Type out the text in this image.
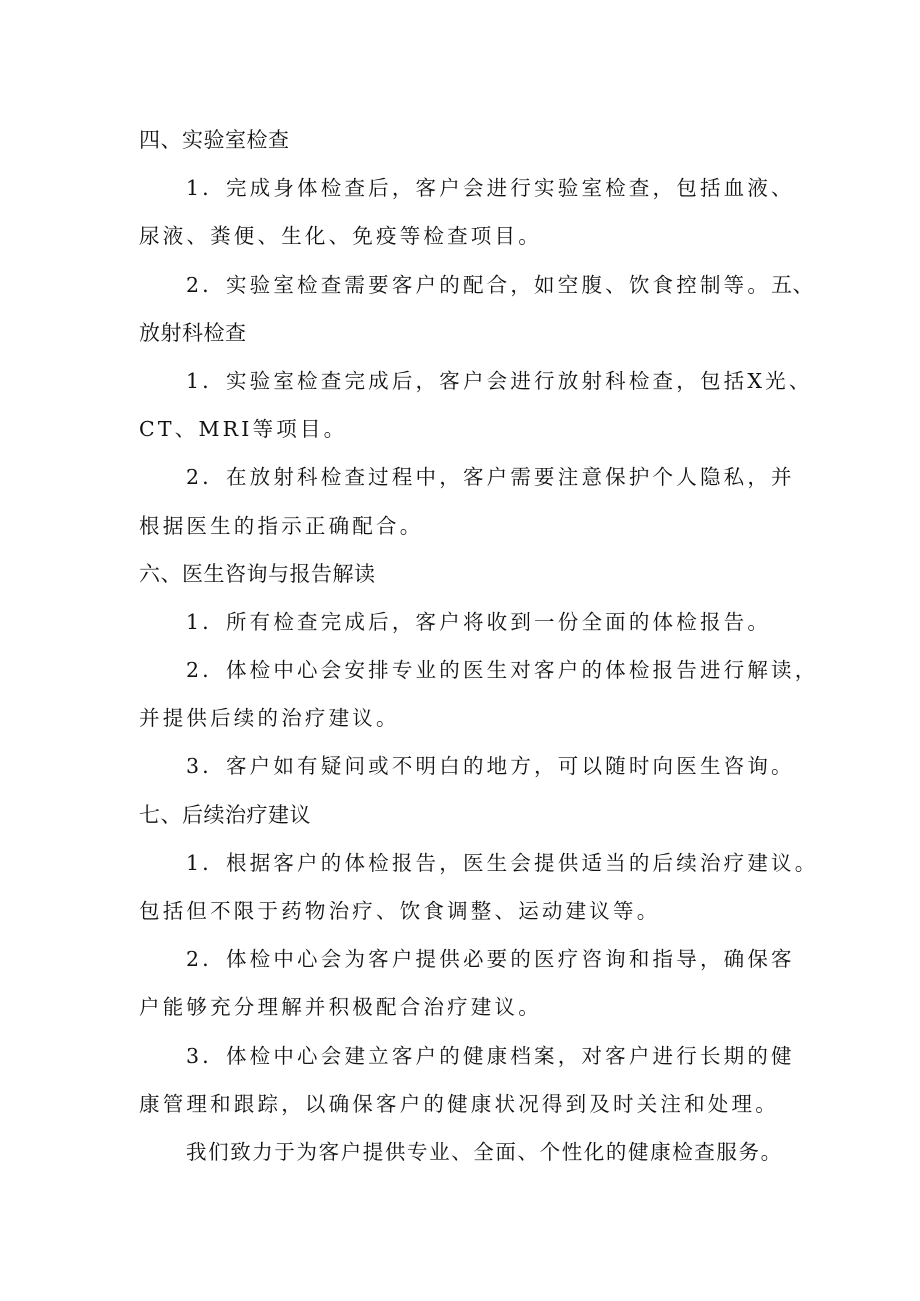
四、实验室检查
1．完成身体检查后，客户会进行实验室检查，包括血液、
尿液、粪便、生化、免疫等检查项目。
2．实验室检查需要客户的配合，如空腹、饮食控制等。五、
放射科检查
1．实验室检查完成后，客户会进行放射科检查，包括X光、
CT、MRI等项目。
2．在放射科检查过程中，客户需要注意保护个人隐私，并
根据医生的指示正确配合。
六、医生咨询与报告解读
1．所有检查完成后，客户将收到一份全面的体检报告。
2．体检中心会安排专业的医生对客户的体检报告进行解读，
并提供后续的治疗建议。
3．客户如有疑问或不明白的地方，可以随时向医生咨询。
七、后续治疗建议
1．根据客户的体检报告，医生会提供适当的后续治疗建议。
包括但不限于药物治疗、饮食调整、运动建议等。
2．体检中心会为客户提供必要的医疗咨询和指导，确保客
户能够充分理解并积极配合治疗建议。
3．体检中心会建立客户的健康档案，对客户进行长期的健
康管理和跟踪，以确保客户的健康状况得到及时关注和处理。
我们致力于为客户提供专业、全面、个性化的健康检查服务。
